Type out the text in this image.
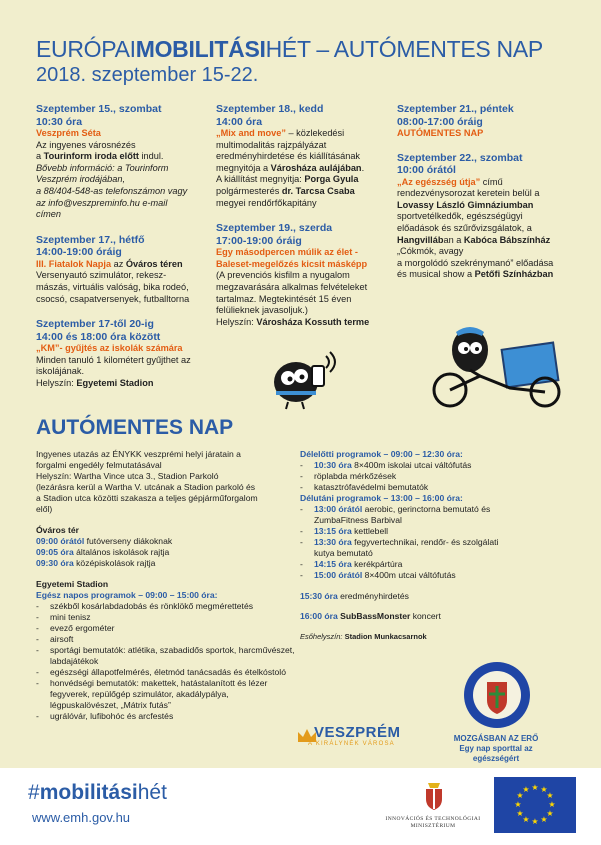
EURÓPAIMOBILITÁSIHÉT – AUTÓMENTES NAP
2018. szeptember 15-22.
Szeptember 15., szombat
10:30 óra
Veszprém Séta
Az ingyenes városnézés
a Tourinform iroda előtt indul.
Bővebb információ: a Tourinform
Veszprém irodájában,
a 88/404-548-as telefonszámon vagy
az info@veszpreminfo.hu e-mail
címen
Szeptember 17., hétfő
14:00-19:00 óráig
III. Fiatalok Napja az Óváros téren
Versenyautó szimulátor, rekesz-
mászás, virtuális valóság, bika rodeó,
csocsó, csapatversenyek, futballtorna
Szeptember 17-től 20-ig
14:00 és 18:00 óra között
„KM”- gyűjtés az iskolák számára
Minden tanuló 1 kilométert gyűjthet az
iskolájának.
Helyszín: Egyetemi Stadion
Szeptember 18., kedd
14:00 óra
„Mix and move” – közlekedési
multimodalitás rajzpályázat
eredményhirdetése és kiállításának
megnyitója a Városháza aulájában.
A kiállítást megnyitja: Porga Gyula
polgármesterés dr. Tarcsa Csaba
megyei rendőrfőkapitány
Szeptember 19., szerda
17:00-19:00 óráig
Egy másodpercen múlik az élet -
Baleset-megelőzés kicsit másképp
(A prevenciós kisfilm a nyugalom
megzavarására alkalmas felvételeket
tartalmaz. Megtekintését 15 éven
felülieknek javasoljuk.)
Helyszín: Városháza Kossuth terme
Szeptember 21., péntek
08:00-17:00 óráig
AUTÓMENTES NAP
Szeptember 22., szombat
10:00 órától
„Az egészség útja” című
rendezvénysorozat keretein belül a
Lovassy László Gimnáziumban
sportvetélkedők, egészségügyi
előadások és szűrővizsgálatok, a
Hangvillában a Kabóca Bábszínház
„Cókmók, avagy
a morgolódó szekrénymanó” előadása
és musical show a Petőfi Színházban
AUTÓMENTES NAP
Ingyenes utazás az ÉNYKK veszprémi helyi járatain a
forgalmi engedély felmutatásával
Helyszín: Wartha Vince utca 3., Stadion Parkoló
(lezárásra kerül a Wartha V. utcának a Stadion parkoló és
a Stadion utca közötti szakasza a teljes gépjárműforgalom
elől)
Óváros tér
09:00 órától futóverseny diákoknak
09:05 óra általános iskolások rajtja
09:30 óra középiskolások rajtja
Egyetemi Stadion
Egész napos programok – 09:00 – 15:00 óra:
- székből kosárlabdadobás és rönklökő megmérettetés
- mini tenisz
- evező ergométer
- airsoft
- sportági bemutatók: atlétika, szabadidős sportok, harcművészet, labdajátékok
- egészségi állapotfelmérés, életmód tanácsadás és ételkóstoló
- honvédségi bemutatók: makettek, hatástalanított és lézer fegyverek, repülőgép szimulátor, akadálypálya, légpuskalövészet, „Mátrix futás”
- ugrálóvár, lufibohóc és arcfestés
Délelőtti programok – 09:00 – 12:30 óra:
- 10:30 óra 8×400m iskolai utcai váltófutás
- röplabda mérkőzések
- katasztrófavédelmi bemutatók
Délutáni programok – 13:00 – 16:00 óra:
- 13:00 órától aerobic, gerinctorna bemutató és ZumbaFitness Barbival
- 13:15 óra kettlebell
- 13:30 óra fegyvertechnikai, rendőr- és szolgálati kutya bemutató
- 14:15 óra kerékpártúra
- 15:00 órától 8×400m utcai váltófutás
15:30 óra eredményhirdetés
16:00 óra SubBassMonster koncert
Esőhelyszín: Stadion Munkacsarnok
MOZGÁSBAN AZ ERŐ
Egy nap sporttal az egészségért
VESZPRÉM
A KIRÁLYNÉK VÁROSA
#mobilitásihét
www.emh.gov.hu	INNOVÁCIÓS ÉS TECHNOLÓGIAI
MINISZTÉRIUM
★ ★
★
★
★
★
★
★
★
★
★
★
